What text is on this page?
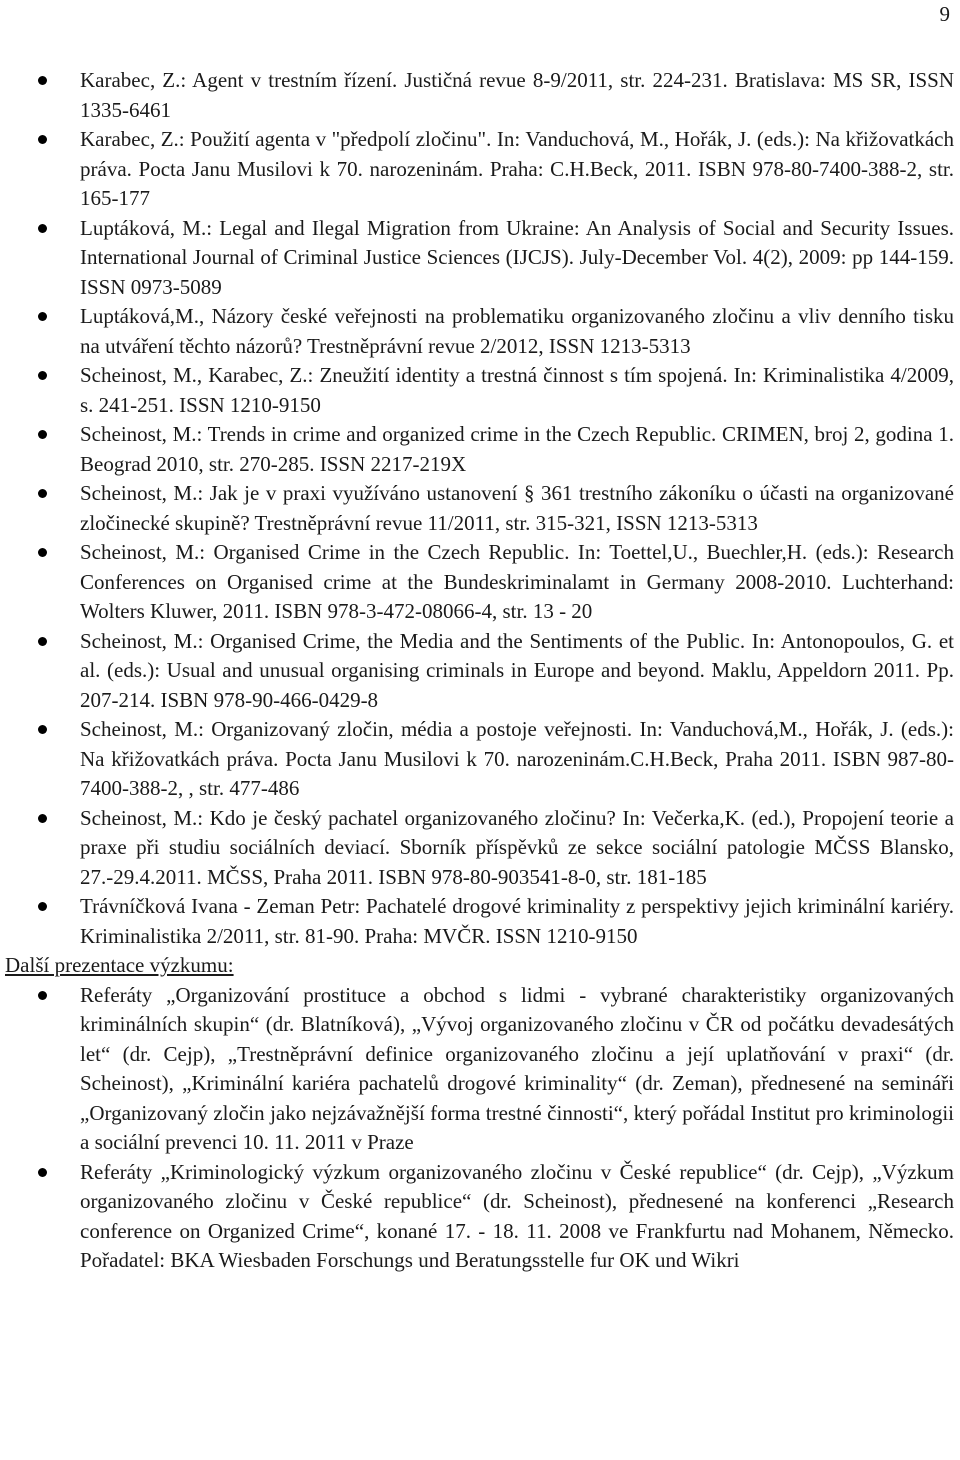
9
Karabec, Z.: Agent v trestním řízení. Justičná revue 8-9/2011, str. 224-231. Bratislava: MS SR, ISSN 1335-6461
Karabec, Z.: Použití agenta v "předpolí zločinu". In: Vanduchová, M., Hořák, J. (eds.): Na křižovatkách práva. Pocta Janu Musilovi k 70. narozeninám. Praha: C.H.Beck, 2011. ISBN 978-80-7400-388-2, str. 165-177
Luptáková, M.: Legal and Ilegal Migration from Ukraine: An Analysis of Social and Security Issues. International Journal of Criminal Justice Sciences (IJCJS). July-December Vol. 4(2), 2009: pp 144-159. ISSN 0973-5089
Luptáková,M., Názory české veřejnosti na problematiku organizovaného zločinu a vliv denního tisku na utváření těchto názorů? Trestněprávní revue 2/2012, ISSN 1213-5313
Scheinost, M., Karabec, Z.: Zneužití identity a trestná činnost s tím spojená. In: Kriminalistika 4/2009, s. 241-251. ISSN 1210-9150
Scheinost, M.: Trends in crime and organized crime in the Czech Republic. CRIMEN, broj 2, godina 1. Beograd 2010, str. 270-285. ISSN 2217-219X
Scheinost, M.: Jak je v praxi využíváno ustanovení § 361 trestního zákoníku o účasti na organizované zločinecké skupině? Trestněprávní revue 11/2011, str. 315-321, ISSN 1213-5313
Scheinost, M.: Organised Crime in the Czech Republic. In: Toettel,U., Buechler,H. (eds.): Research Conferences on Organised crime at the Bundeskriminalamt in Germany 2008-2010. Luchterhand: Wolters Kluwer, 2011. ISBN 978-3-472-08066-4, str. 13 - 20
Scheinost, M.: Organised Crime, the Media and the Sentiments of the Public. In: Antonopoulos, G. et al. (eds.): Usual and unusual organising criminals in Europe and beyond. Maklu, Appeldorn 2011. Pp. 207-214. ISBN 978-90-466-0429-8
Scheinost, M.: Organizovaný zločin, média a postoje veřejnosti. In: Vanduchová,M., Hořák, J. (eds.): Na křižovatkách práva. Pocta Janu Musilovi k 70. narozeninám.C.H.Beck, Praha 2011. ISBN 987-80-7400-388-2, , str. 477-486
Scheinost, M.: Kdo je český pachatel organizovaného zločinu? In: Večerka,K. (ed.), Propojení teorie a praxe při studiu sociálních deviací. Sborník příspěvků ze sekce sociální patologie MČSS Blansko, 27.-29.4.2011. MČSS, Praha 2011. ISBN 978-80-903541-8-0, str. 181-185
Trávníčková Ivana - Zeman Petr: Pachatelé drogové kriminality z perspektivy jejich kriminální kariéry. Kriminalistika 2/2011, str. 81-90. Praha: MVČR. ISSN 1210-9150
Další prezentace výzkumu:
Referáty „Organizování prostituce a obchod s lidmi - vybrané charakteristiky organizovaných kriminálních skupin“ (dr. Blatníková), „Vývoj organizovaného zločinu v ČR od počátku devadesátých let“ (dr. Cejp), „Trestněprávní definice organizovaného zločinu a její uplatňování v praxi“ (dr. Scheinost), „Kriminální kariéra pachatelů drogové kriminality“ (dr. Zeman), přednesené na semináři „Organizovaný zločin jako nejzávažnější forma trestné činnosti“, který pořádal Institut pro kriminologii a sociální prevenci 10. 11. 2011 v Praze
Referáty „Kriminologický výzkum organizovaného zločinu v České republice“ (dr. Cejp), „Výzkum organizovaného zločinu v České republice“ (dr. Scheinost), přednesené na konferenci „Research conference on Organized Crime“, konané 17. - 18. 11. 2008 ve Frankfurtu nad Mohanem, Německo. Pořadatel: BKA Wiesbaden Forschungs und Beratungsstelle fur OK und Wikri
